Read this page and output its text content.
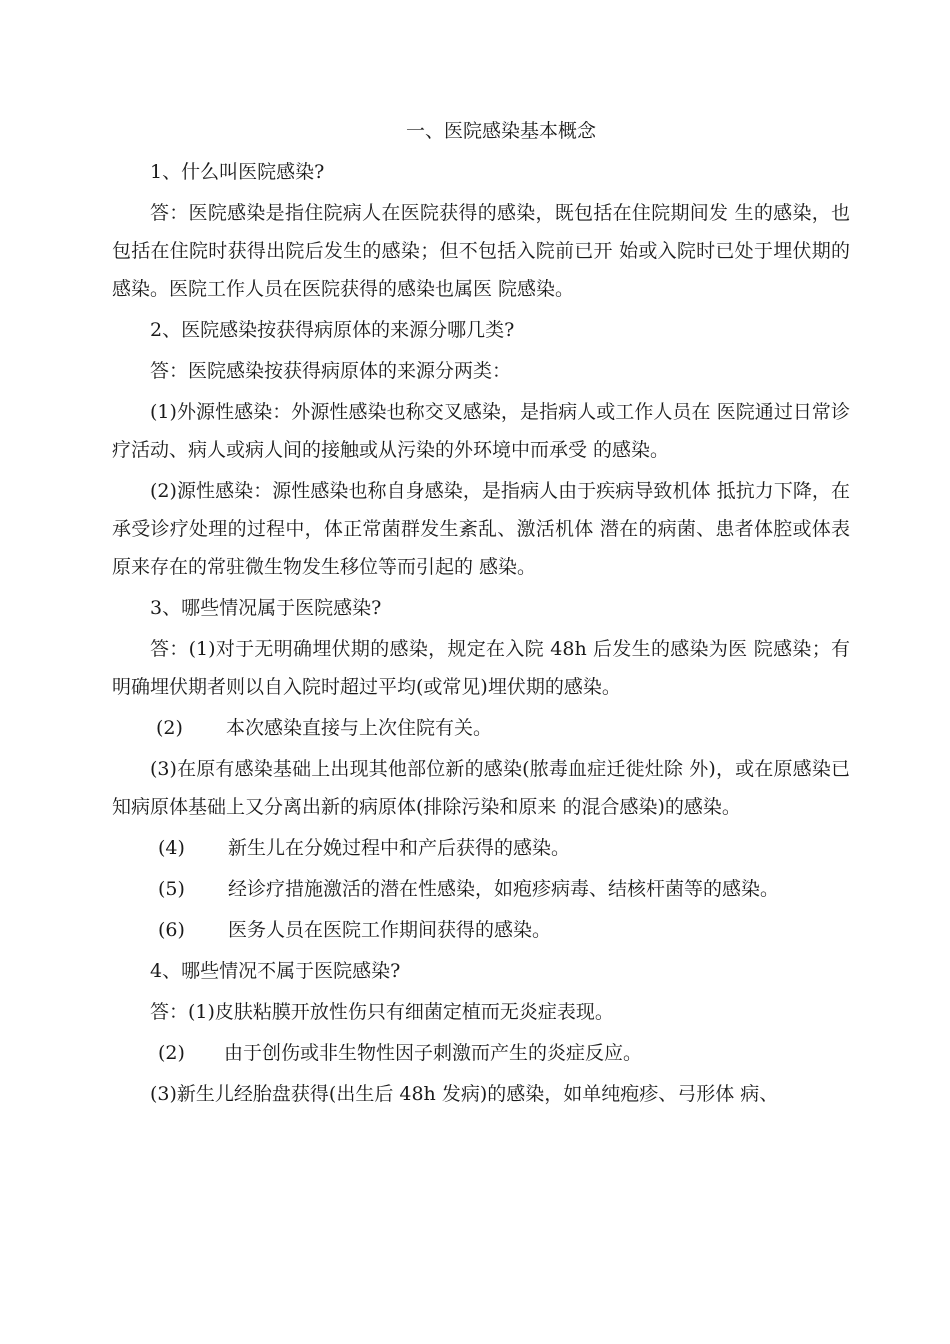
一、医院感染基本概念

1、什么叫医院感染?

答：医院感染是指住院病人在医院获得的感染，既包括在住院期间发 生的感染，也包括在住院时获得出院后发生的感染；但不包括入院前已开 始或入院时已处于埋伏期的感染。医院工作人员在医院获得的感染也属医 院感染。

2、医院感染按获得病原体的来源分哪几类?

答：医院感染按获得病原体的来源分两类：

(1)外源性感染：外源性感染也称交叉感染，是指病人或工作人员在 医院通过日常诊疗活动、病人或病人间的接触或从污染的外环境中而承受 的感染。

(2)源性感染：源性感染也称自身感染，是指病人由于疾病导致机体 抵抗力下降，在承受诊疗处理的过程中，体正常菌群发生紊乱、激活机体 潜在的病菌、患者体腔或体表原来存在的常驻微生物发生移位等而引起的 感染。

3、哪些情况属于医院感染?

答：(1)对于无明确埋伏期的感染，规定在入院 48h 后发生的感染为医 院感染；有明确埋伏期者则以自入院时超过平均(或常见)埋伏期的感染。

(2)	本次感染直接与上次住院有关。

(3)在原有感染基础上出现其他部位新的感染(脓毒血症迁徙灶除 外)，或在原感染已知病原体基础上又分离出新的病原体(排除污染和原来 的混合感染)的感染。

(4)	新生儿在分娩过程中和产后获得的感染。
(5)	经诊疗措施激活的潜在性感染，如疱疹病毒、结核杆菌等的感染。
(6)	医务人员在医院工作期间获得的感染。

4、哪些情况不属于医院感染?

答：(1)皮肤粘膜开放性伤只有细菌定植而无炎症表现。

(2)	由于创伤或非生物性因子刺激而产生的炎症反应。

(3)新生儿经胎盘获得(出生后 48h 发病)的感染，如单纯疱疹、弓形体 病、
